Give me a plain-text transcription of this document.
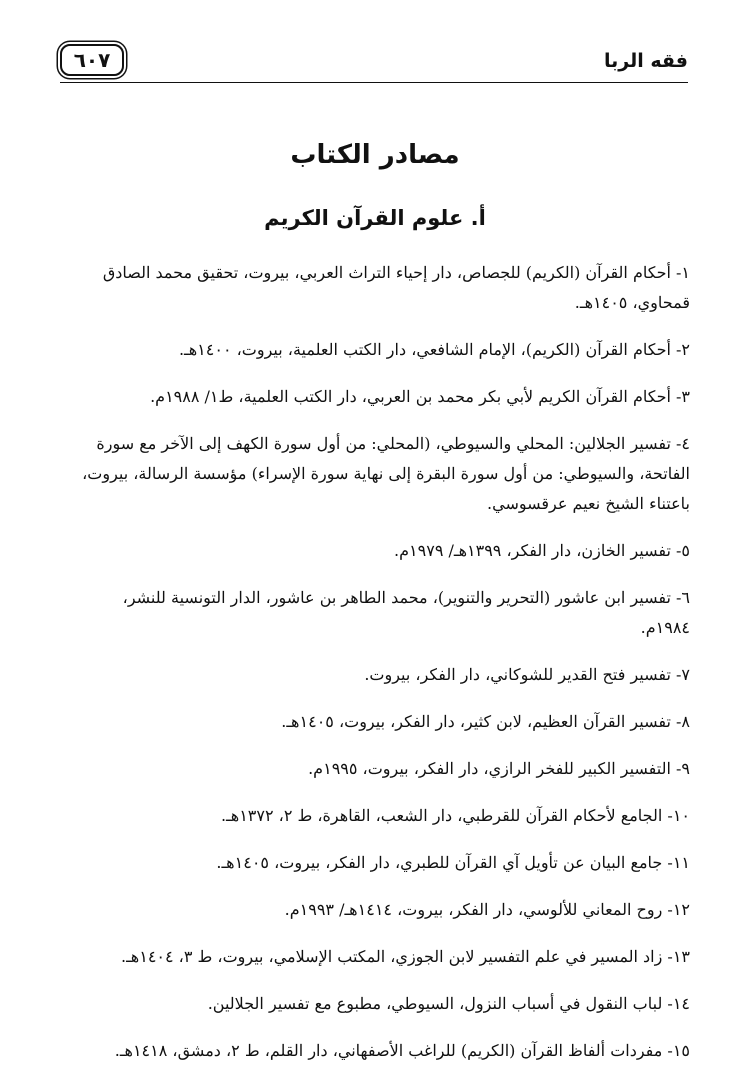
فقه الربا
٦٠٧
مصادر الكتاب
أ. علوم القرآن الكريم
١- أحكام القرآن (الكريم) للجصاص، دار إحياء التراث العربي، بيروت، تحقيق محمد الصادق قمحاوي، ١٤٠٥هـ.
٢- أحكام القرآن (الكريم)، الإمام الشافعي، دار الكتب العلمية، بيروت، ١٤٠٠هـ.
٣- أحكام القرآن الكريم لأبي بكر محمد بن العربي، دار الكتب العلمية، ط١/ ١٩٨٨م.
٤- تفسير الجلالين: المحلي والسيوطي، (المحلي: من أول سورة الكهف إلى الآخر مع سورة الفاتحة، والسيوطي: من أول سورة البقرة إلى نهاية سورة الإسراء) مؤسسة الرسالة، بيروت، باعتناء الشيخ نعيم عرقسوسي.
٥- تفسير الخازن، دار الفكر، ١٣٩٩هـ/ ١٩٧٩م.
٦- تفسير ابن عاشور (التحرير والتنوير)، محمد الطاهر بن عاشور، الدار التونسية للنشر، ١٩٨٤م.
٧- تفسير فتح القدير للشوكاني، دار الفكر، بيروت.
٨- تفسير القرآن العظيم، لابن كثير، دار الفكر، بيروت، ١٤٠٥هـ.
٩- التفسير الكبير للفخر الرازي، دار الفكر، بيروت، ١٩٩٥م.
١٠- الجامع لأحكام القرآن للقرطبي، دار الشعب، القاهرة، ط ٢، ١٣٧٢هـ.
١١- جامع البيان عن تأويل آي القرآن للطبري، دار الفكر، بيروت، ١٤٠٥هـ.
١٢- روح المعاني للألوسي، دار الفكر، بيروت، ١٤١٤هـ/ ١٩٩٣م.
١٣- زاد المسير في علم التفسير لابن الجوزي، المكتب الإسلامي، بيروت، ط ٣، ١٤٠٤هـ.
١٤- لباب النقول في أسباب النزول، السيوطي، مطبوع مع تفسير الجلالين.
١٥- مفردات ألفاظ القرآن (الكريم) للراغب الأصفهاني، دار القلم، ط ٢، دمشق، ١٤١٨هـ.
